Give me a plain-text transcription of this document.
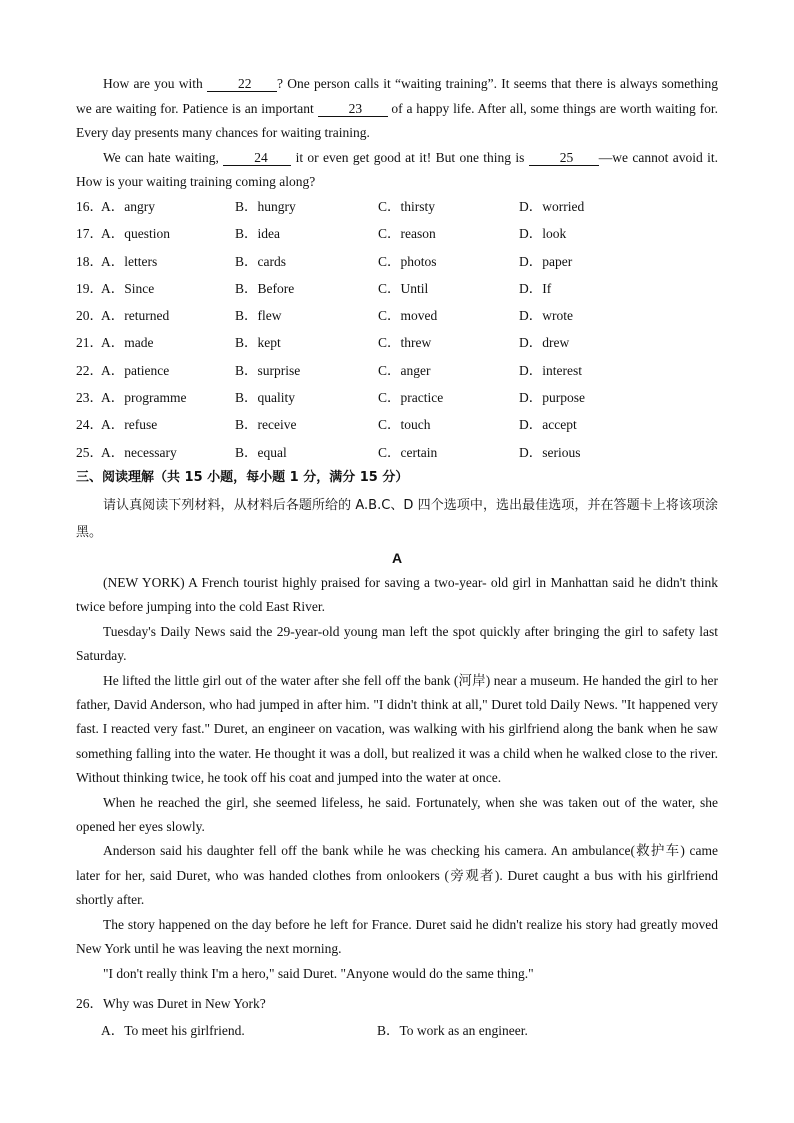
How are you with 22 ? One person calls it “waiting training”. It seems that there is always something we are waiting for. Patience is an important 23 of a happy life. After all, some things are worth waiting for. Every day presents many chances for waiting training.

We can hate waiting, 24 it or even get good at it! But one thing is 25 —we cannot avoid it. How is your waiting training coming along?

16．
A．angry	B．hungry	C．thirsty	D．worried
17．
A．question	B．idea	C．reason	D．look
18．
A．letters	B．cards	C．photos	D．paper
19．
A．Since	B．Before	C．Until	D．If
20．
A．returned	B．flew	C．moved	D．wrote
21．
A．made	B．kept	C．threw	D．drew
22．
A．patience	B．surprise	C．anger	D．interest
23．
A．programme	B．quality	C．practice	D．purpose
24．
A．refuse	B．receive	C．touch	D．accept
25．
A．necessary	B．equal	C．certain	D．serious
三、阅读理解（共 15 小题，每小题 1 分，满分 15 分）

请认真阅读下列材料，从材料后各题所给的 A.B.C、D 四个选项中，选出最佳选项，并在答题卡上将该项涂黑。

A

(NEW YORK) A French tourist highly praised for saving a two-year- old girl in Manhattan said he didn't think twice before jumping into the cold East River.

Tuesday's Daily News said the 29-year-old young man left the spot quickly after bringing the girl to safety last Saturday.

He lifted the little girl out of the water after she fell off the bank (河岸) near a museum. He handed the girl to her father, David Anderson, who had jumped in after him. "I didn't think at all," Duret told Daily News. "It happened very fast. I reacted very fast." Duret, an engineer on vacation, was walking with his girlfriend along the bank when he saw something falling into the water. He thought it was a doll, but realized it was a child when he walked close to the river. Without thinking twice, he took off his coat and jumped into the water at once.

When he reached the girl, she seemed lifeless, he said. Fortunately, when she was taken out of the water, she opened her eyes slowly.

Anderson said his daughter fell off the bank while he was checking his camera. An ambulance(救护车) came later for her, said Duret, who was handed clothes from onlookers (旁观者). Duret caught a bus with his girlfriend shortly after.

The story happened on the day before he left for France. Duret said he didn't realize his story had greatly moved New York until he was leaving the next morning.

"I don't really think I'm a hero," said Duret. "Anyone would do the same thing."

26．Why was Duret in New York?
A．To meet his girlfriend.	B．To work as an engineer.
